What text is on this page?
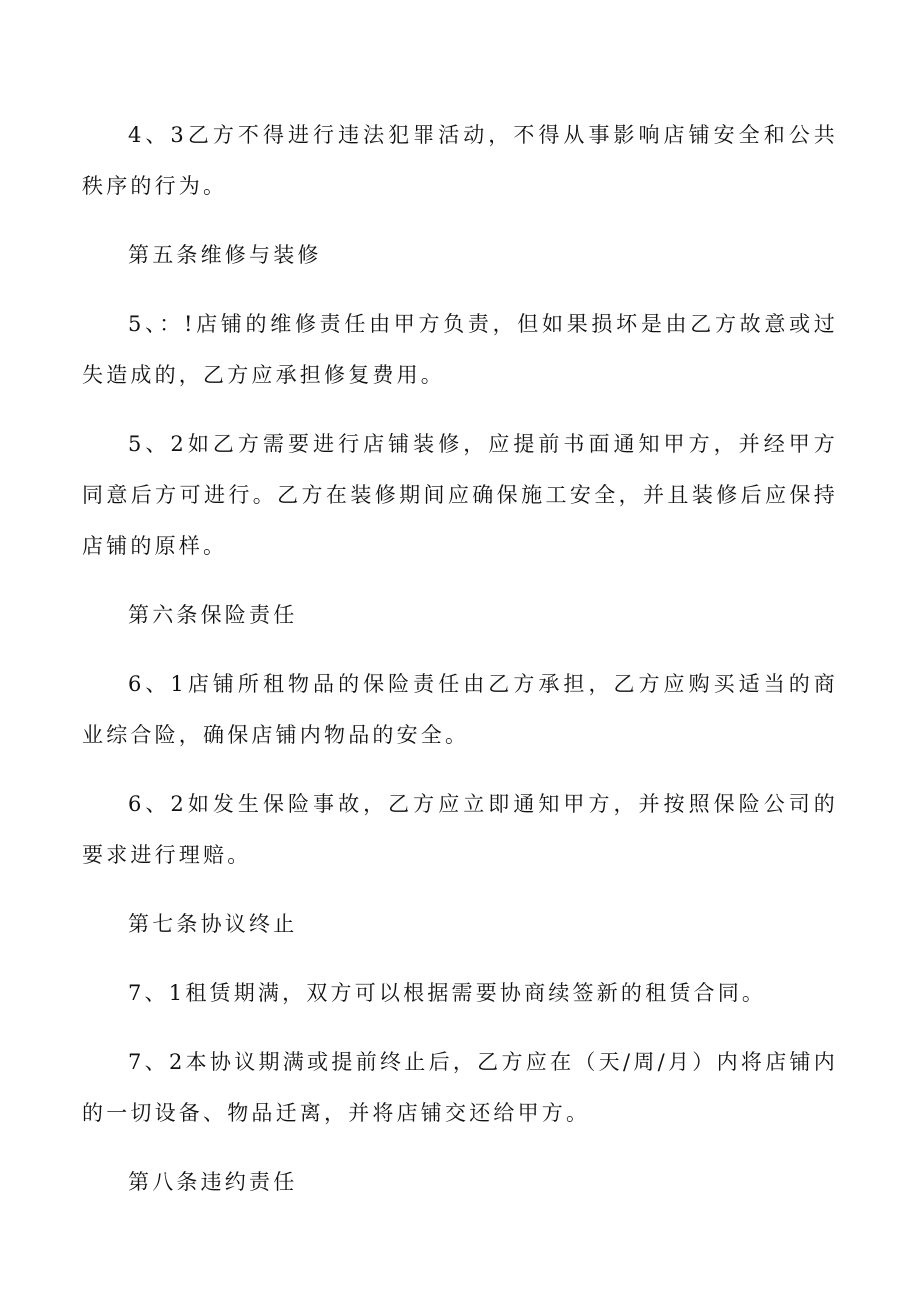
4、3乙方不得进行违法犯罪活动，不得从事影响店铺安全和公共秩序的行为。

第五条维修与装修

5、：!店铺的维修责任由甲方负责，但如果损坏是由乙方故意或过失造成的，乙方应承担修复费用。

5、2如乙方需要进行店铺装修，应提前书面通知甲方，并经甲方同意后方可进行。乙方在装修期间应确保施工安全，并且装修后应保持店铺的原样。

第六条保险责任

6、1店铺所租物品的保险责任由乙方承担，乙方应购买适当的商业综合险，确保店铺内物品的安全。

6、2如发生保险事故，乙方应立即通知甲方，并按照保险公司的要求进行理赔。

第七条协议终止

7、1租赁期满，双方可以根据需要协商续签新的租赁合同。

7、2本协议期满或提前终止后，乙方应在（天/周/月）内将店铺内的一切设备、物品迁离，并将店铺交还给甲方。

第八条违约责任
